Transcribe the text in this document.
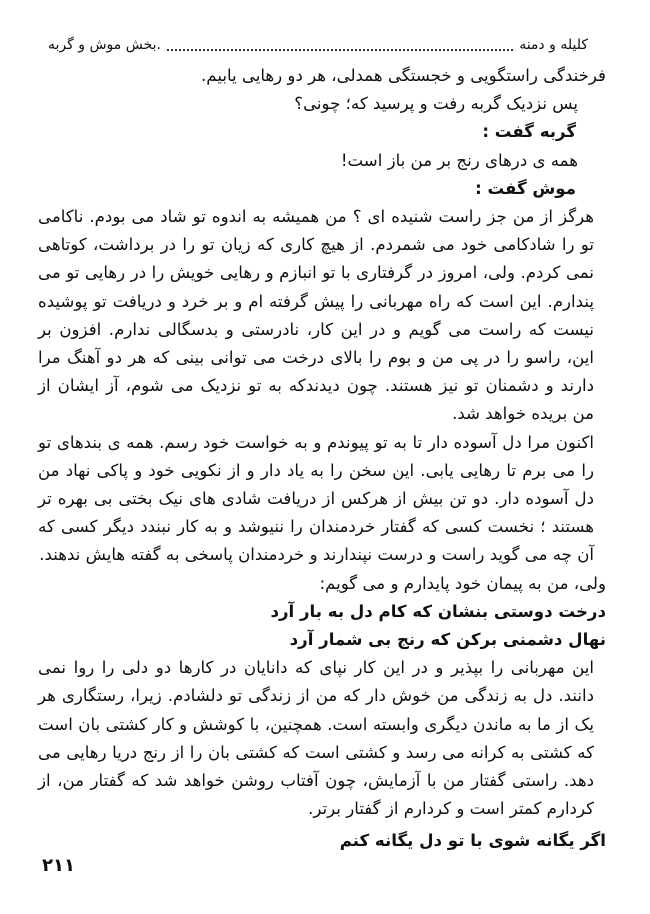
کلیله و دمنه
.بخش موش و گربه

فرخندگی راستگویی و خجستگی همدلی، هر دو رهایی یابیم.

پس نزدیک گربه رفت و پرسید که؛ چونی؟

گربه گفت :

همه ی درهای رنج بر من باز است!

موش گفت :

هرگز از من جز راست شنیده ای ؟ من همیشه به اندوه تو شاد می بودم. ناکامی تو را شادکامی خود می شمردم. از هیچ کاری که زیان تو را در برداشت، کوتاهی نمی کردم. ولی، امروز در گرفتاری با تو انبازم و رهایی خویش را در رهایی تو می پندارم. این است که راه مهربانی را پیش گرفته ام و بر خرد و دریافت تو پوشیده نیست که راست می گویم و در این کار، نادرستی و بدسگالی ندارم. افزون بر این، راسو را در پی من و بوم را بالای درخت می توانی بینی که هر دو آهنگ مرا دارند و دشمنان تو نیز هستند. چون دیدندکه به تو نزدیک می شوم، آز ایشان از من بریده خواهد شد.

اکنون مرا دل آسوده دار تا به تو پیوندم و به خواست خود رسم. همه ی بندهای تو را می برم تا رهایی یابی. این سخن را به یاد دار و از نکویی خود و پاکی نهاد من دل آسوده دار. دو تن بیش از هرکس از دریافت شادی های نیک بختی بی بهره تر هستند ؛ نخست کسی که گفتار خردمندان را ننیوشد و به کار نبندد دیگر کسی که آن چه می گوید راست و درست نپندارند و خردمندان پاسخی به گفته هایش ندهند.

ولی، من به پیمان خود پایدارم و می گویم:

درخت دوستی بنشان که کام دل به بار آرد

نهال دشمنی برکن که رنج بی شمار آرد

این مهربانی را بپذیر و در این کار نپای که دانایان در کارها دو دلی را روا نمی دانند. دل به زندگی من خوش دار که من از زندگی تو دلشادم. زیرا، رستگاری هر یک از ما به ماندن دیگری وابسته است. همچنین، با کوشش و کار کشتی بان است که کشتی به کرانه می رسد و کشتی است که کشتی بان را از رنج دریا رهایی می دهد. راستی گفتار من با آزمایش، چون آفتاب روشن خواهد شد که گفتار من، از کردارم کمتر است و کردارم از گفتار برتر.

اگر یگانه شوی با تو دل یگانه کنم

۲۱۱
